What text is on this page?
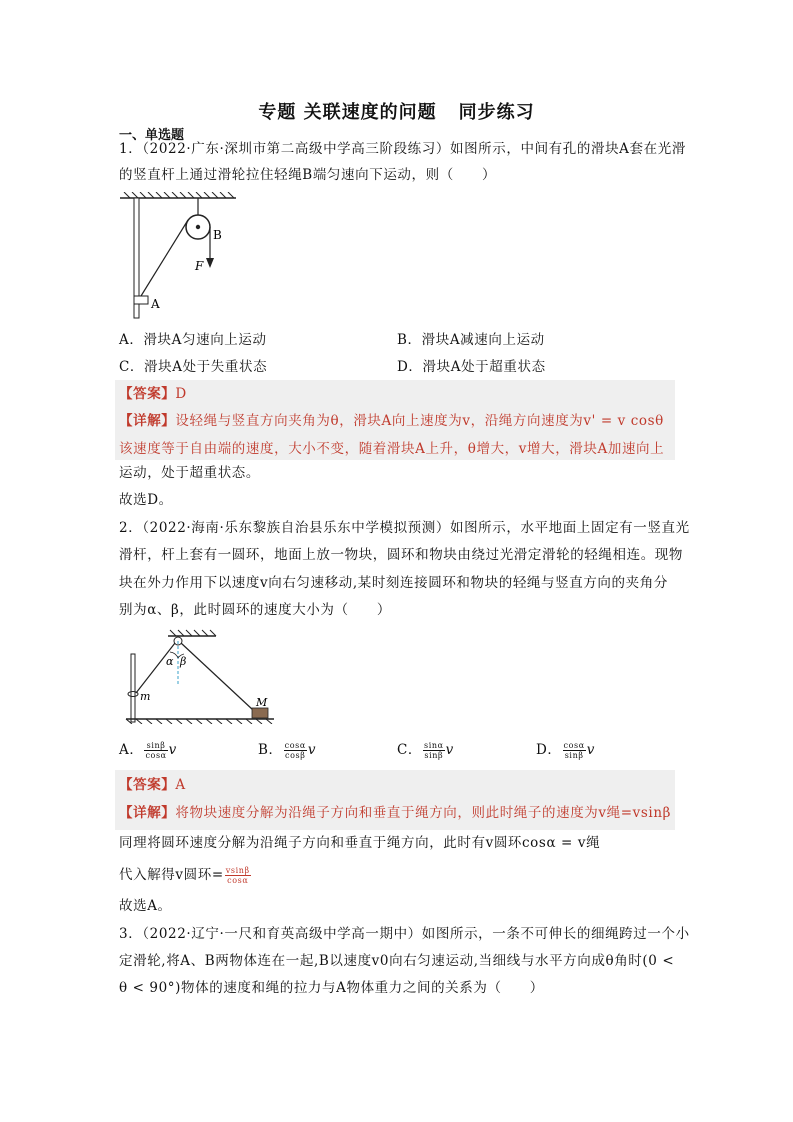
专题 关联速度的问题 同步练习
一、单选题
1．（2022·广东·深圳市第二高级中学高三阶段练习）如图所示，中间有孔的滑块A套在光滑
的竖直杆上通过滑轮拉住轻绳B端匀速向下运动，则（　　）
B
F
A
A．滑块A匀速向上运动	B．滑块A减速向上运动
C．滑块A处于失重状态	D．滑块A处于超重状态
【答案】D
【详解】设轻绳与竖直方向夹角为θ，滑块A向上速度为v，沿绳方向速度为v' = v cosθ
该速度等于自由端的速度，大小不变，随着滑块A上升，θ增大，v增大，滑块A加速向上
运动，处于超重状态。
故选D。
2．（2022·海南·乐东黎族自治县乐东中学模拟预测）如图所示，水平地面上固定有一竖直光
滑杆，杆上套有一圆环，地面上放一物块，圆环和物块由绕过光滑定滑轮的轻绳相连。现物
块在外力作用下以速度v向右匀速移动,某时刻连接圆环和物块的轻绳与竖直方向的夹角分
别为α、β，此时圆环的速度大小为（　　）
α β
m	M
A． $\frac{\sin\beta}{\cos\alpha}$ v	B． $\frac{\cos\alpha}{\cos\beta}$ v	C． $\frac{\sin\alpha}{\sin\beta}$ v	D． $\frac{\cos\alpha}{\sin\beta}$ v
【答案】A
【详解】将物块速度分解为沿绳子方向和垂直于绳方向，则此时绳子的速度为v绳=vsinβ
同理将圆环速度分解为沿绳子方向和垂直于绳方向，此时有v圆环cosα = v绳
代入解得v圆环= $\frac{vsin\beta}{\cos\alpha}$
故选A。
3．（2022·辽宁·一尺和育英高级中学高一期中）如图所示，一条不可伸长的细绳跨过一个小
定滑轮,将A、B两物体连在一起,B以速度v0向右匀速运动,当细线与水平方向成θ角时(0 <
θ < 90°)物体的速度和绳的拉力与A物体重力之间的关系为（　　）
